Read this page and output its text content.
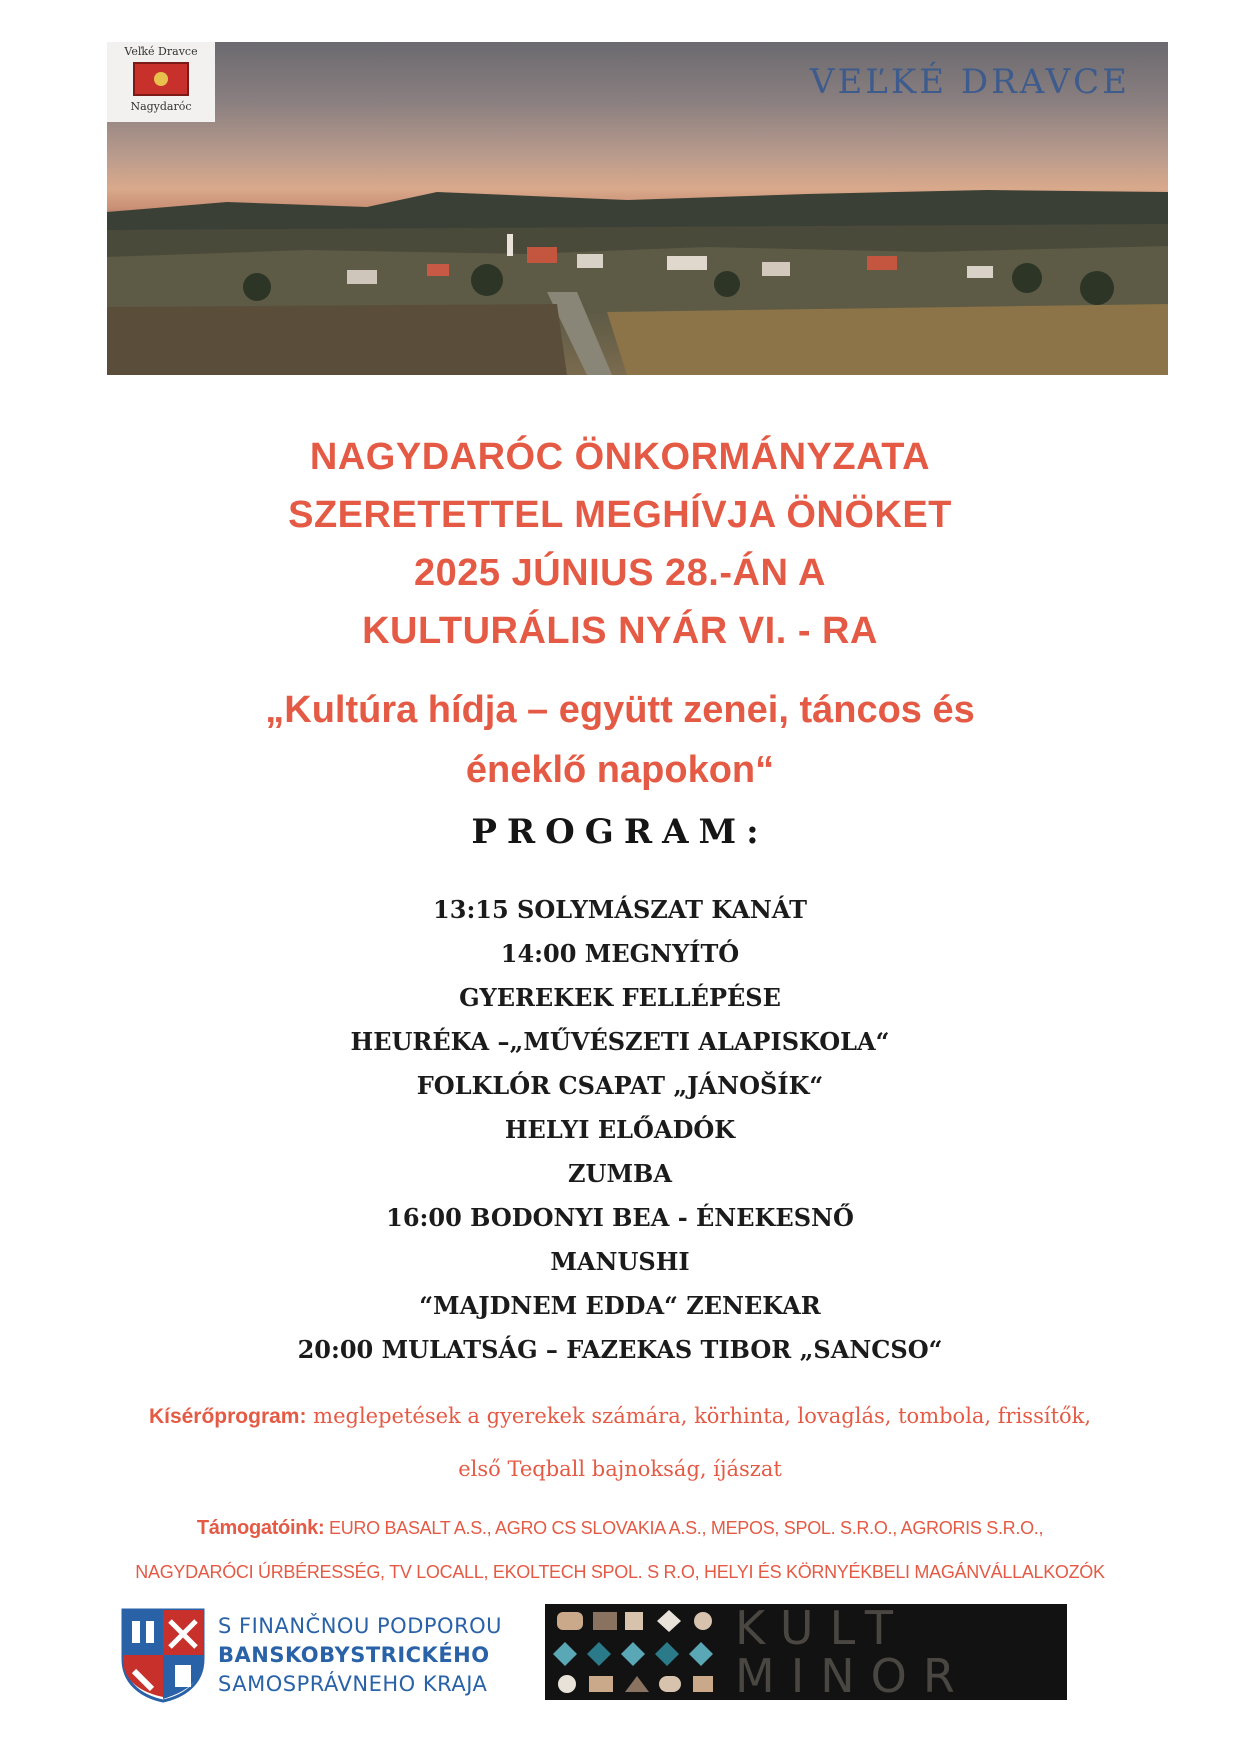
Veľké Dravce
Nagydaróc
VEĽKÉ DRAVCE
NAGYDARÓC ÖNKORMÁNYZATA
SZERETETTEL MEGHÍVJA ÖNÖKET
2025 JÚNIUS 28.-ÁN A
KULTURÁLIS NYÁR VI. - RA
„Kultúra hídja – együtt zenei, táncos és
éneklő napokon“
PROGRAM:
13:15 SOLYMÁSZAT KANÁT
14:00 MEGNYÍTÓ
GYEREKEK FELLÉPÉSE
HEURÉKA –„MŰVÉSZETI ALAPISKOLA“
FOLKLÓR CSAPAT „JÁNOŠÍK“
HELYI ELŐADÓK
ZUMBA
16:00 BODONYI BEA - ÉNEKESNŐ
MANUSHI
“MAJDNEM EDDA“ ZENEKAR
20:00 MULATSÁG – FAZEKAS TIBOR „SANCSO“

Kísérőprogram: meglepetések a gyerekek számára, körhinta, lovaglás, tombola, frissítők,

első Teqball bajnokság, íjászat

Támogatóink: EURO BASALT A.S., AGRO CS SLOVAKIA A.S., MEPOS, SPOL. S.R.O., AGRORIS S.R.O.,

NAGYDARÓCI ÚRBÉRESSÉG, TV LOCALL, EKOLTECH SPOL. S R.O, HELYI ÉS KÖRNYÉKBELI MAGÁNVÁLLALKOZÓK

S FINANČNOU PODPOROU
BANSKOBYSTRICKÉHO
SAMOSPRÁVNEHO KRAJA

KULT
MINOR
